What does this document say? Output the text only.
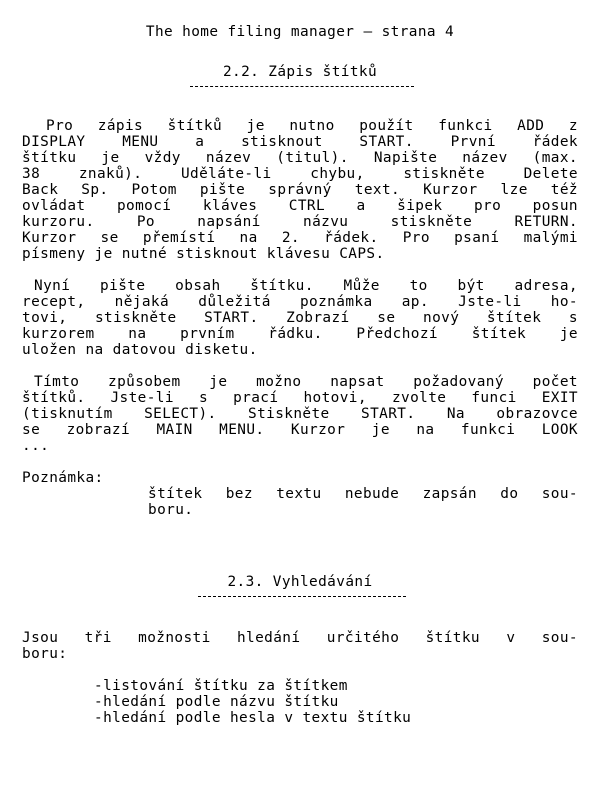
The home filing manager – strana 4
2.2. Zápis štítků
Pro zápis štítků je nutno použít funkci ADD z
DISPLAY MENU a stisknout START. První řádek
štítku je vždy název (titul). Napište název (max.
38 znaků). Uděláte-li chybu, stiskněte Delete
Back Sp. Potom pište správný text. Kurzor lze též
ovládat pomocí kláves CTRL a šipek pro posun
kurzoru. Po napsání názvu stiskněte RETURN.
Kurzor se přemístí na 2. řádek. Pro psaní malými
písmeny je nutné stisknout klávesu CAPS.
Nyní pište obsah štítku. Může to být adresa,
recept, nějaká důležitá poznámka ap. Jste-li ho-
tovi, stiskněte START. Zobrazí se nový štítek s
kurzorem na prvním řádku. Předchozí štítek je
uložen na datovou disketu.
Tímto způsobem je možno napsat požadovaný počet
štítků. Jste-li s prací hotovi, zvolte funci EXIT
(tisknutím SELECT). Stiskněte START. Na obrazovce
se zobrazí MAIN MENU. Kurzor je na funkci LOOK
...
Poznámka:
štítek bez textu nebude zapsán do sou-
boru.
2.3. Vyhledávání
Jsou tři možnosti hledání určitého štítku v sou-
boru:
-listování štítku za štítkem
-hledání podle názvu štítku
-hledání podle hesla v textu štítku
